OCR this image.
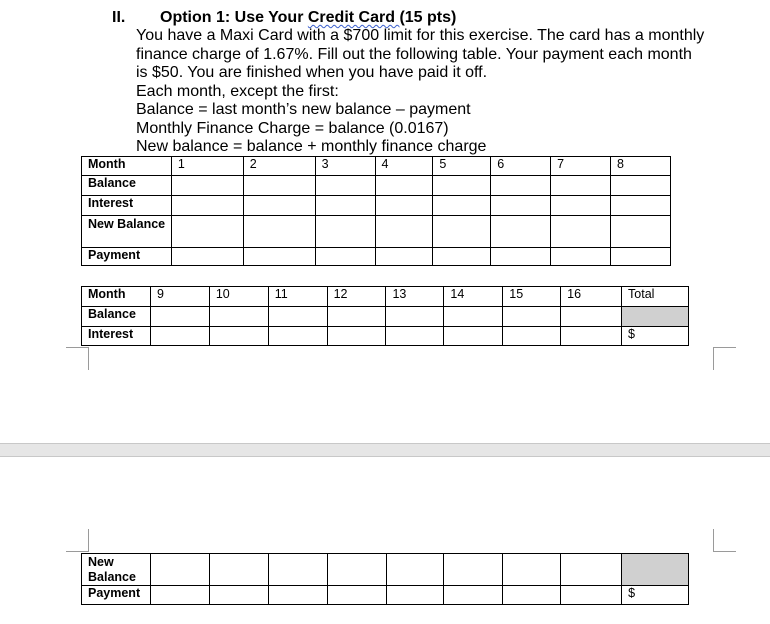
II. Option 1: Use Your Credit Card (15 pts)

You have a Maxi Card with a $700 limit for this exercise. The card has a monthly

finance charge of 1.67%. Fill out the following table. Your payment each month

is $50. You are finished when you have paid it off.

Each month, except the first:

Balance = last month’s new balance – payment

Monthly Finance Charge = balance (0.0167)

New balance = balance + monthly finance charge

Month	1	2	3	4	5	6	7	8
Balance								
Interest								
New Balance								
Payment								
Month	9	10	11	12	13	14	15	16	Total
Balance									
Interest									$
New Balance									
Payment									$
